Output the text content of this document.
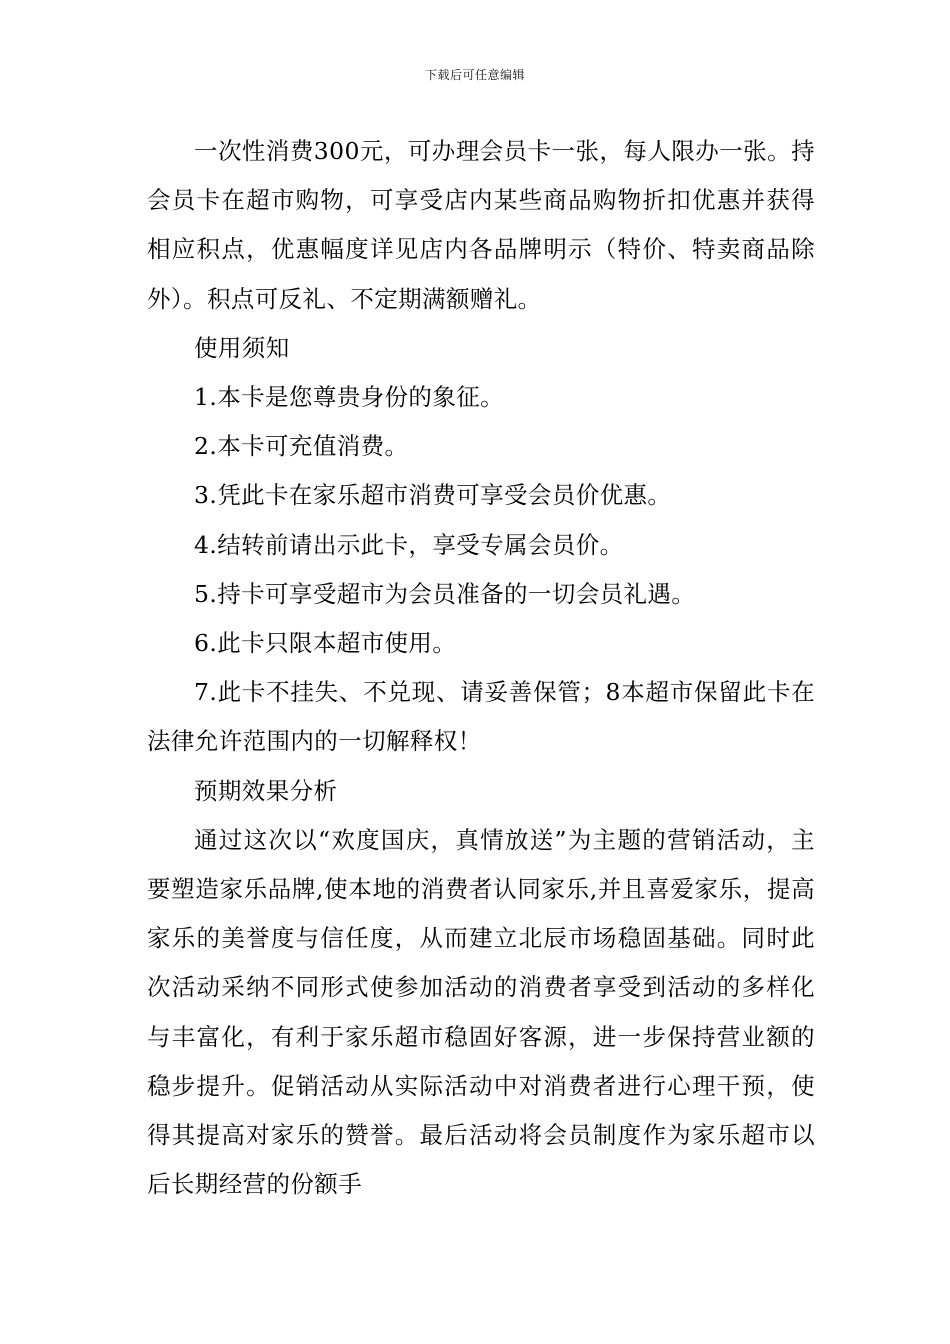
下载后可任意编辑

一次性消费300元，可办理会员卡一张，每人限办一张。持会员卡在超市购物，可享受店内某些商品购物折扣优惠并获得相应积点，优惠幅度详见店内各品牌明示（特价、特卖商品除外）。积点可反礼、不定期满额赠礼。

使用须知

1.本卡是您尊贵身份的象征。

2.本卡可充值消费。

3.凭此卡在家乐超市消费可享受会员价优惠。

4.结转前请出示此卡，享受专属会员价。

5.持卡可享受超市为会员准备的一切会员礼遇。

6.此卡只限本超市使用。

7.此卡不挂失、不兑现、请妥善保管；8本超市保留此卡在法律允许范围内的一切解释权！

预期效果分析

通过这次以“欢度国庆，真情放送”为主题的营销活动，主要塑造家乐品牌,使本地的消费者认同家乐,并且喜爱家乐，提高家乐的美誉度与信任度，从而建立北辰市场稳固基础。同时此次活动采纳不同形式使参加活动的消费者享受到活动的多样化与丰富化，有利于家乐超市稳固好客源，进一步保持营业额的稳步提升。促销活动从实际活动中对消费者进行心理干预，使得其提高对家乐的赞誉。最后活动将会员制度作为家乐超市以后长期经营的份额手
